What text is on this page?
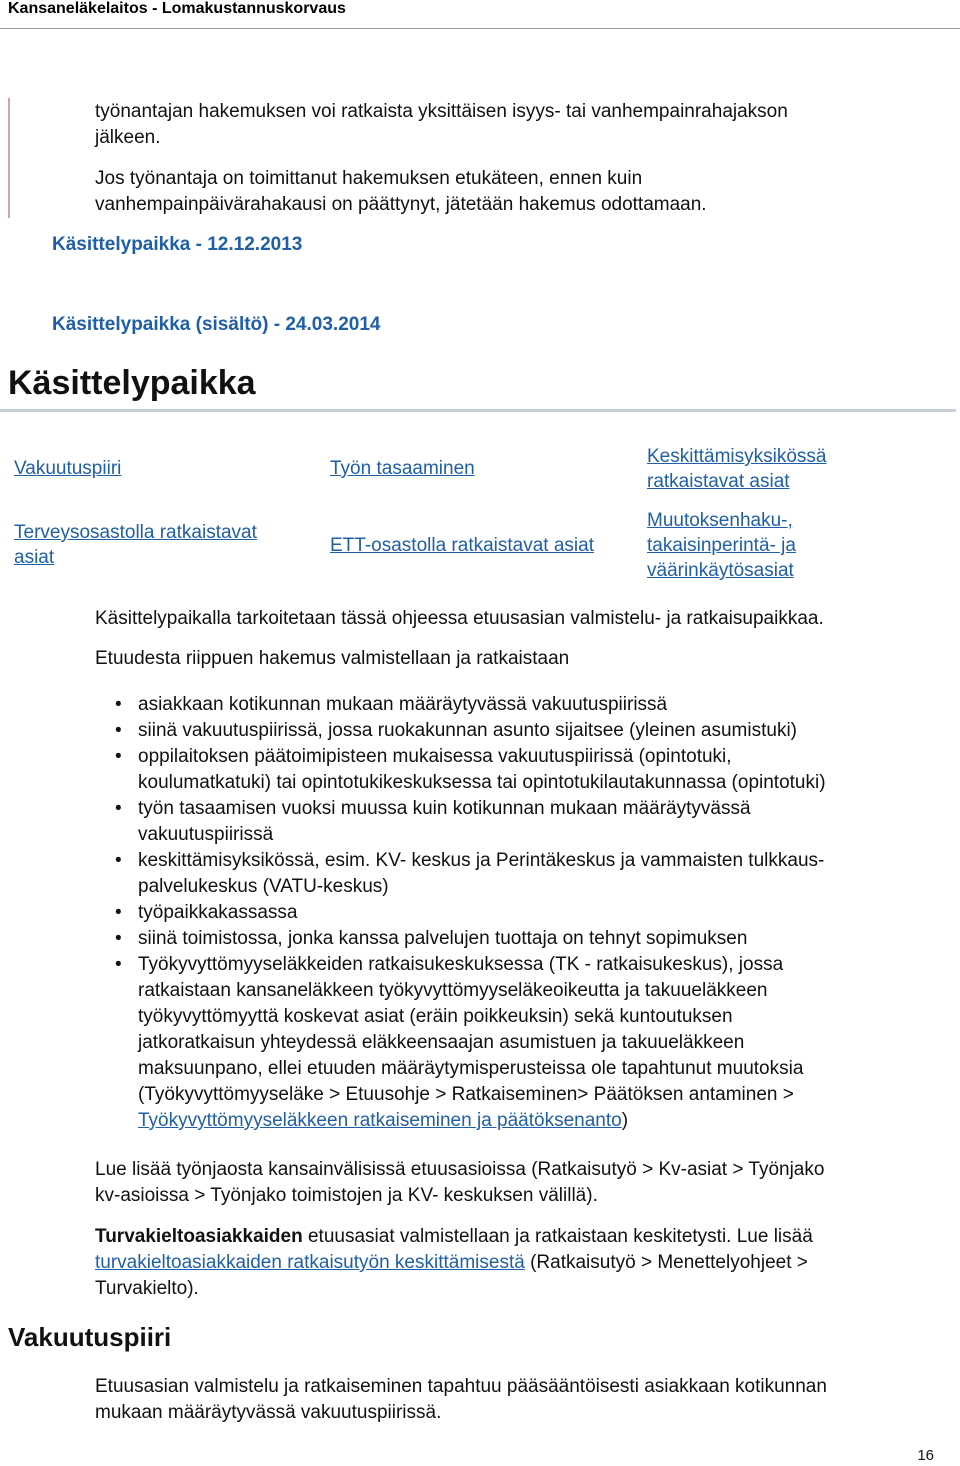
Kansaneläkelaitos - Lomakustannuskorvaus
työnantajan hakemuksen voi ratkaista yksittäisen isyys- tai vanhempainrahajakson
jälkeen.
Jos työnantaja on toimittanut hakemuksen etukäteen, ennen kuin
vanhempainpäivärahakausi on päättynyt, jätetään hakemus odottamaan.
Käsittelypaikka - 12.12.2013
Käsittelypaikka (sisältö) - 24.03.2014
Käsittelypaikka
Vakuutuspiiri
Terveysosastolla ratkaistavat
asiat
Työn tasaaminen
ETT-osastolla ratkaistavat asiat
Keskittämisyksikössä
ratkaistavat asiat
Muutoksenhaku-,
takaisinperintä- ja
väärinkäytösasiat
Käsittelypaikalla tarkoitetaan tässä ohjeessa etuusasian valmistelu- ja ratkaisupaikkaa.
Etuudesta riippuen hakemus valmistellaan ja ratkaistaan
• asiakkaan kotikunnan mukaan määräytyvässä vakuutuspiirissä
• siinä vakuutuspiirissä, jossa ruokakunnan asunto sijaitsee (yleinen asumistuki)
• oppilaitoksen päätoimipisteen mukaisessa vakuutuspiirissä (opintotuki,
koulumatkatuki) tai opintotukikeskuksessa tai opintotukilautakunnassa (opintotuki)
• työn tasaamisen vuoksi muussa kuin kotikunnan mukaan määräytyvässä
vakuutuspiirissä
• keskittämisyksikössä, esim. KV- keskus ja Perintäkeskus ja vammaisten tulkkaus-
palvelukeskus (VATU-keskus)
• työpaikkakassassa
• siinä toimistossa, jonka kanssa palvelujen tuottaja on tehnyt sopimuksen
• Työkyvyttömyyseläkkeiden ratkaisukeskuksessa (TK - ratkaisukeskus), jossa
ratkaistaan kansaneläkkeen työkyvyttömyyseläkeoikeutta ja takuueläkkeen
työkyvyttömyyttä koskevat asiat (eräin poikkeuksin) sekä kuntoutuksen
jatkoratkaisun yhteydessä eläkkeensaajan asumistuen ja takuueläkkeen
maksuunpano, ellei etuuden määräytymisperusteissa ole tapahtunut muutoksia
(Työkyvyttömyyseläke > Etuusohje > Ratkaiseminen> Päätöksen antaminen >
Työkyvyttömyyseläkkeen ratkaiseminen ja päätöksenanto)
Lue lisää työnjaosta kansainvälisissä etuusasioissa (Ratkaisutyö > Kv-asiat > Työnjako
kv-asioissa > Työnjako toimistojen ja KV- keskuksen välillä).
Turvakieltoasiakkaiden etuusasiat valmistellaan ja ratkaistaan keskitetysti. Lue lisää
turvakieltoasiakkaiden ratkaisutyön keskittämisestä (Ratkaisutyö > Menettelyohjeet >
Turvakielto).
Vakuutuspiiri
Etuusasian valmistelu ja ratkaiseminen tapahtuu pääsääntöisesti asiakkaan kotikunnan
mukaan määräytyvässä vakuutuspiirissä.
16
